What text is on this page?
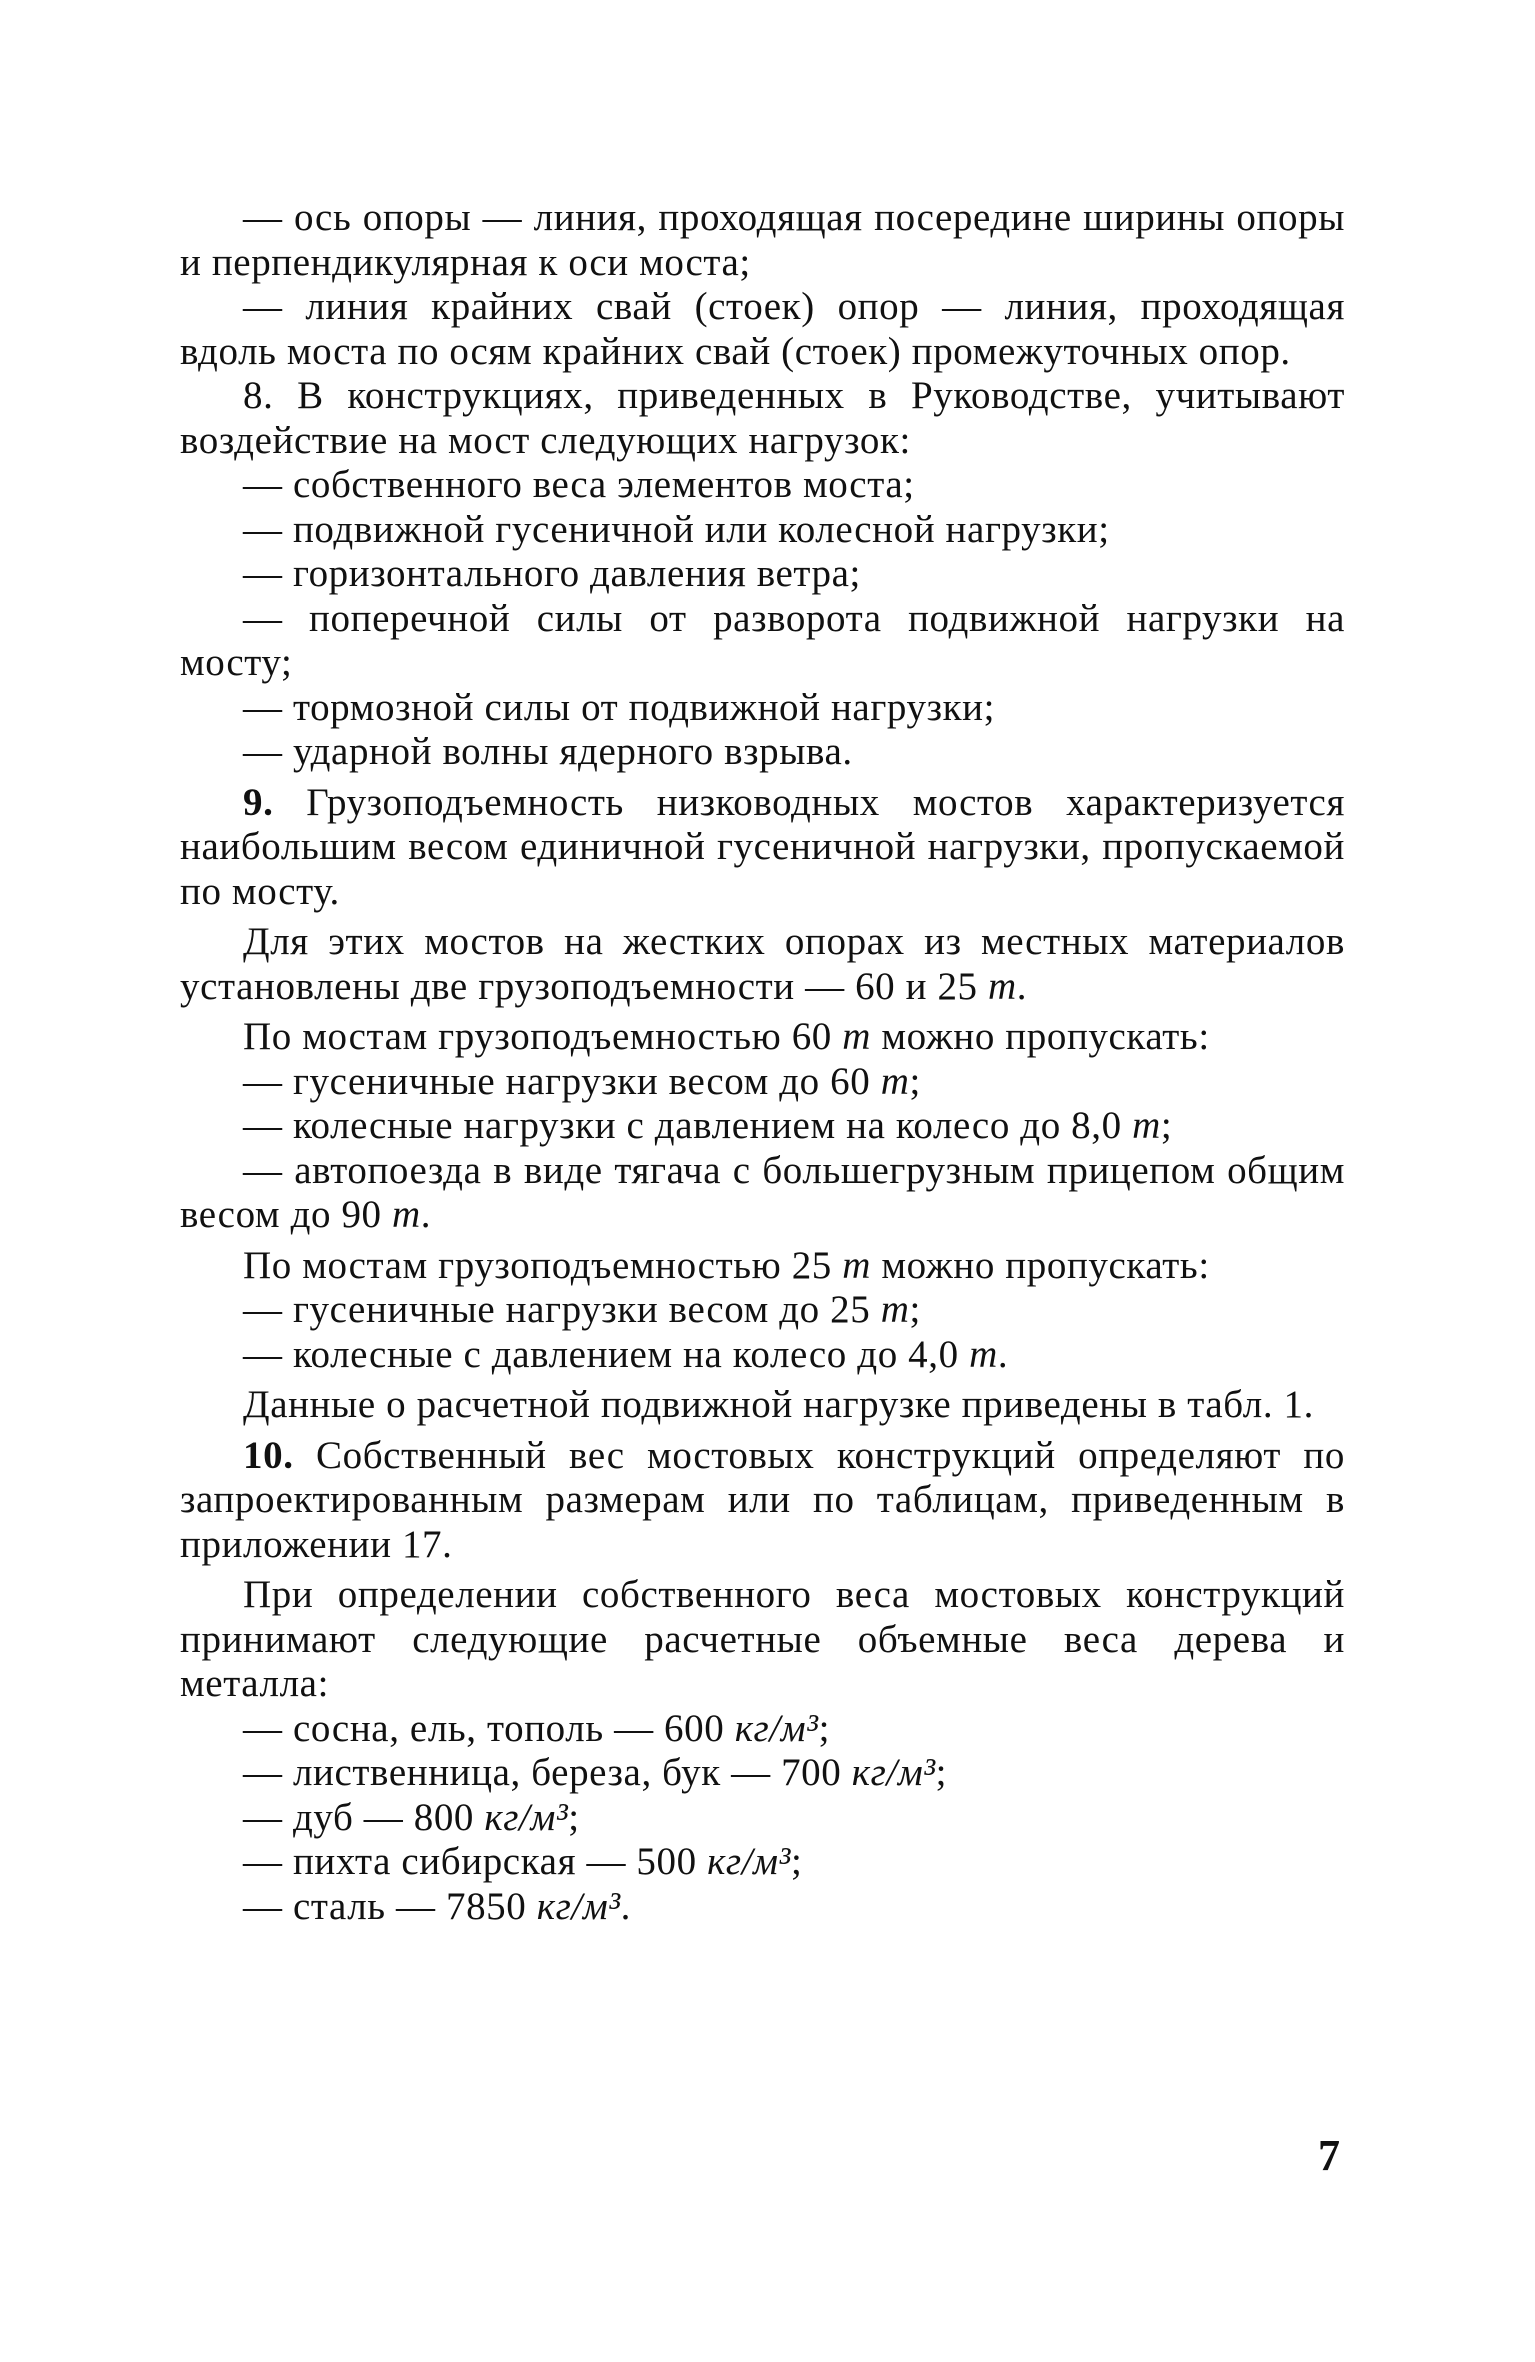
— ось опоры — линия, проходящая посередине ширины опоры и перпендикулярная к оси моста;

— линия крайних свай (стоек) опор — линия, проходящая вдоль моста по осям крайних свай (стоек) промежуточных опор.

8. В конструкциях, приведенных в Руководстве, учитывают воздействие на мост следующих нагрузок:

— собственного веса элементов моста;

— подвижной гусеничной или колесной нагрузки;

— горизонтального давления ветра;

— поперечной силы от разворота подвижной нагрузки на мосту;

— тормозной силы от подвижной нагрузки;

— ударной волны ядерного взрыва.

9. Грузоподъемность низководных мостов характеризуется наибольшим весом единичной гусеничной нагрузки, пропускаемой по мосту.

Для этих мостов на жестких опорах из местных материалов установлены две грузоподъемности — 60 и 25 т.

По мостам грузоподъемностью 60 т можно пропускать:

— гусеничные нагрузки весом до 60 т;

— колесные нагрузки с давлением на колесо до 8,0 т;

— автопоезда в виде тягача с большегрузным прицепом общим весом до 90 т.

По мостам грузоподъемностью 25 т можно пропускать:

— гусеничные нагрузки весом до 25 т;

— колесные с давлением на колесо до 4,0 т.

Данные о расчетной подвижной нагрузке приведены в табл. 1.

10. Собственный вес мостовых конструкций определяют по запроектированным размерам или по таблицам, приведенным в приложении 17.

При определении собственного веса мостовых конструкций принимают следующие расчетные объемные веса дерева и металла:

— сосна, ель, тополь — 600 кг/м³;

— лиственница, береза, бук — 700 кг/м³;

— дуб — 800 кг/м³;

— пихта сибирская — 500 кг/м³;

— сталь — 7850 кг/м³.

7
